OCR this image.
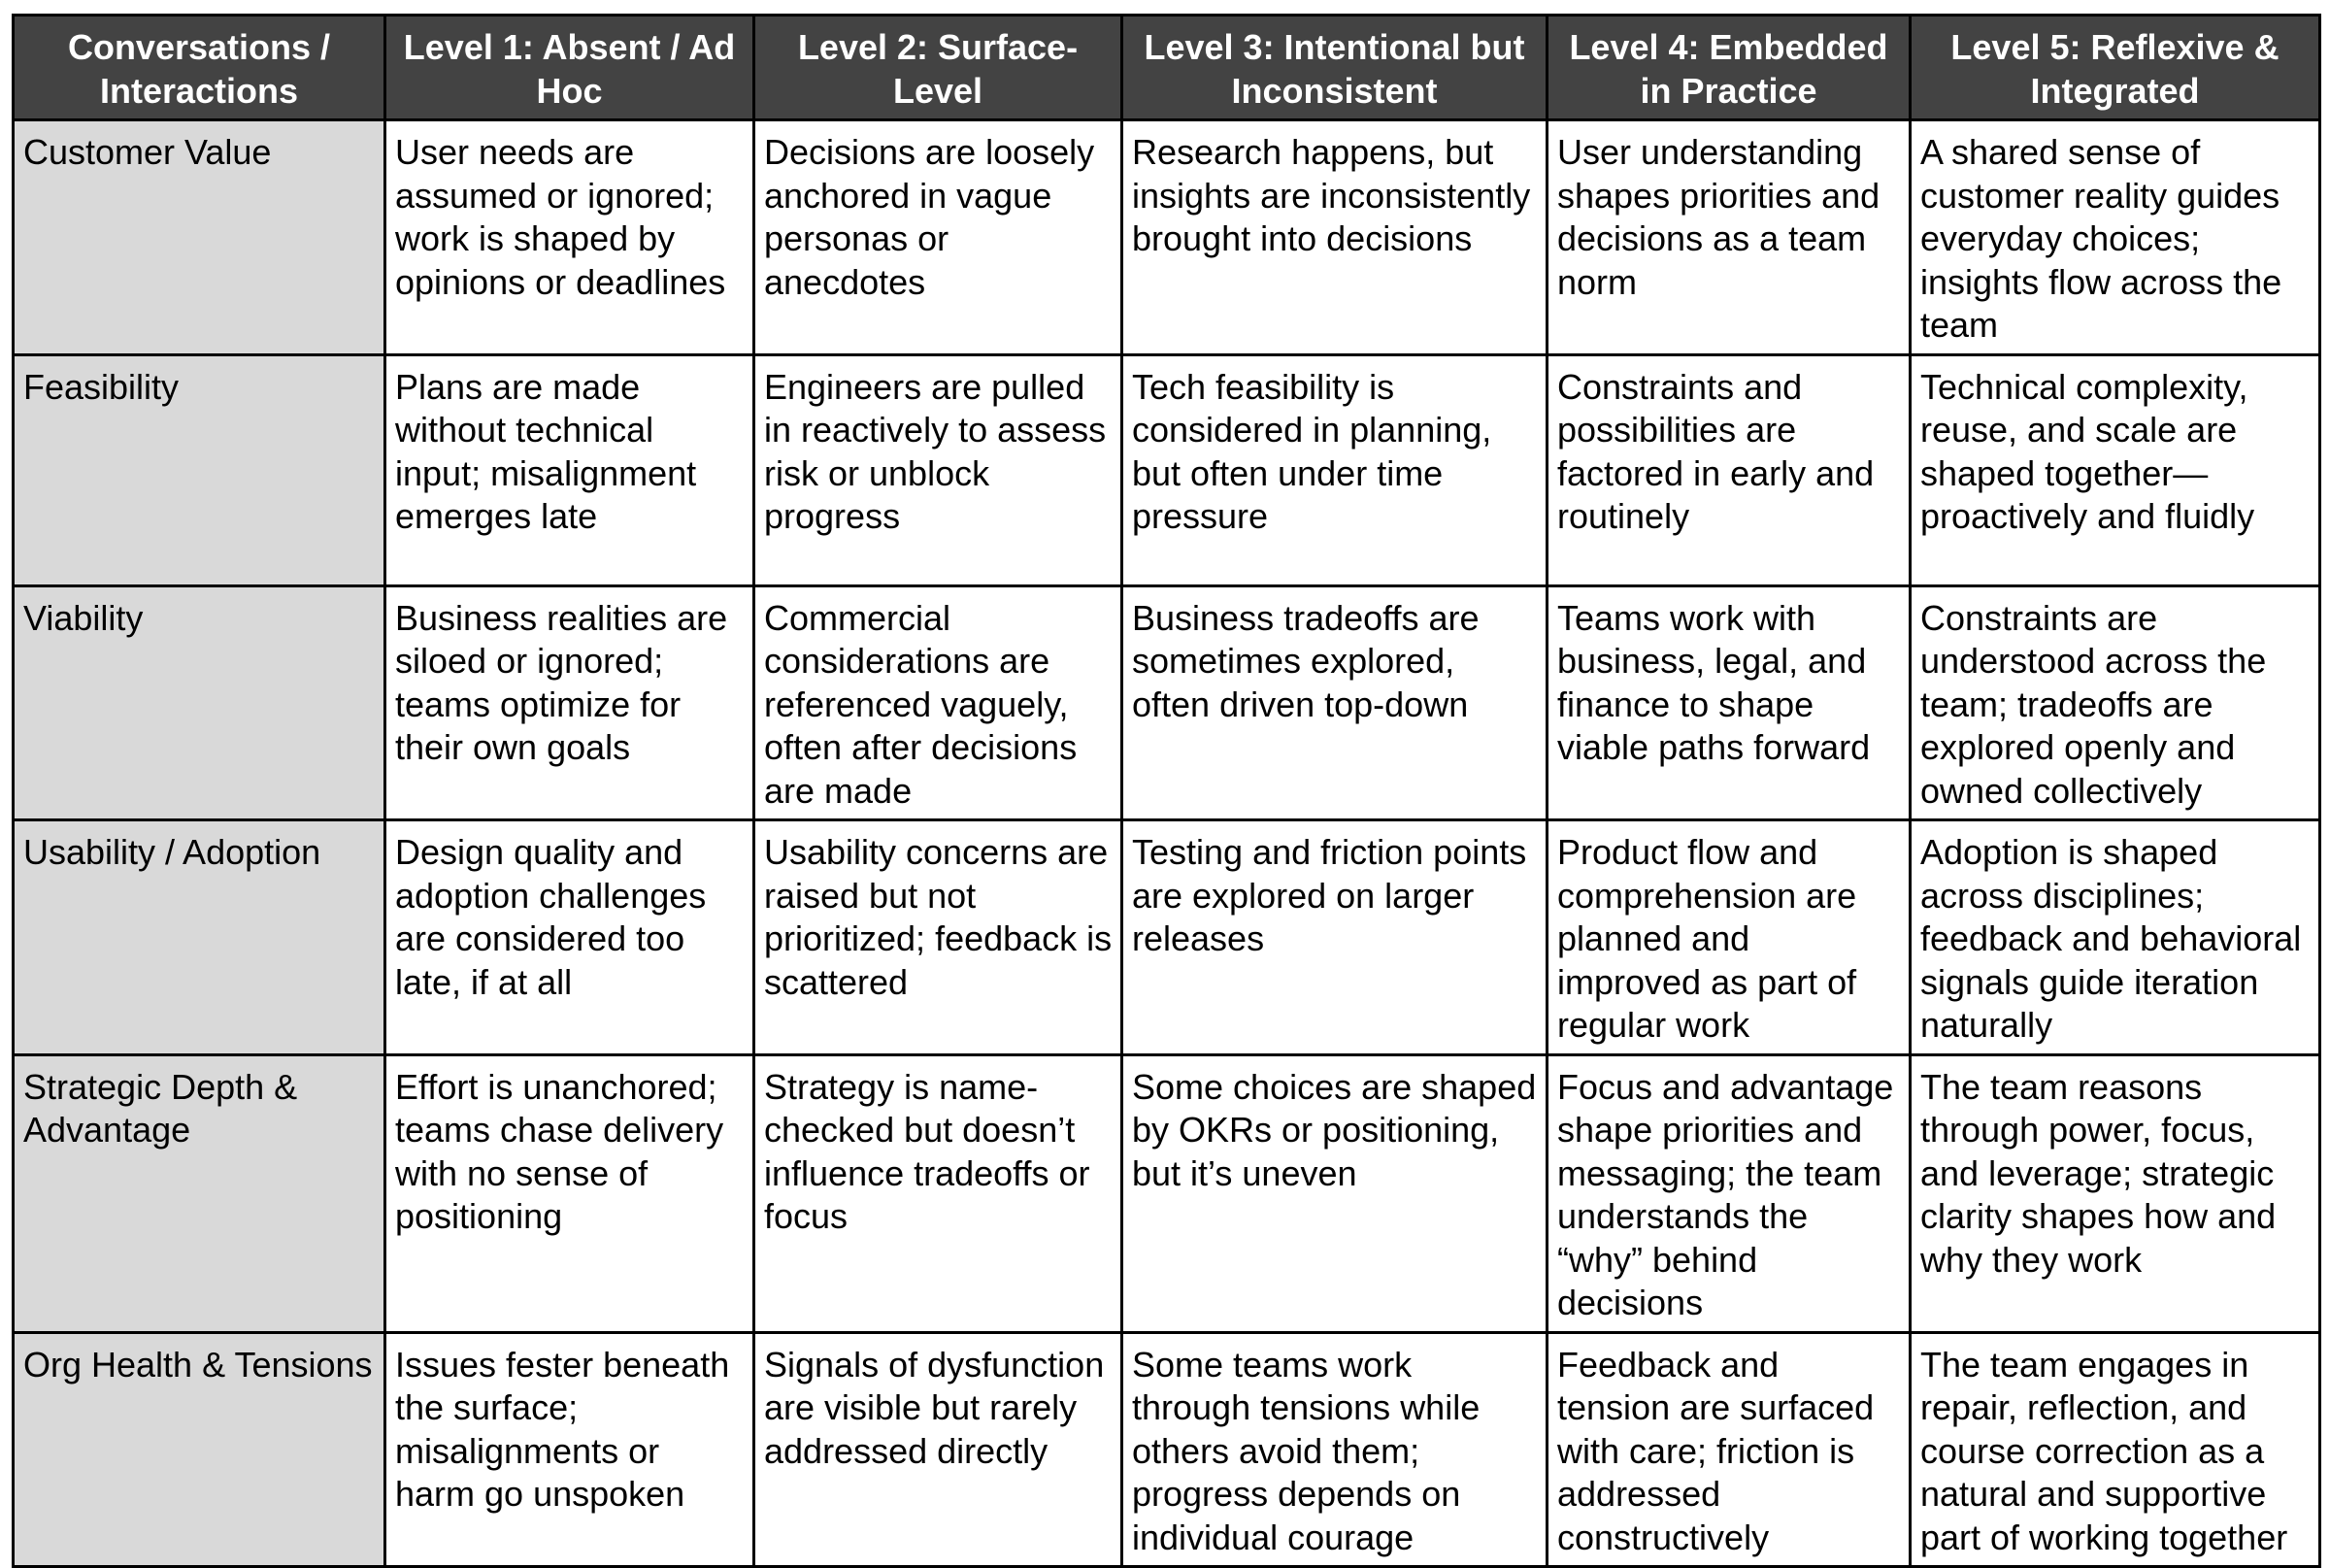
Conversations / Interactions	Level 1: Absent / Ad Hoc	Level 2: Surface-Level	Level 3: Intentional but Inconsistent	Level 4: Embedded in Practice	Level 5: Reflexive & Integrated
Customer Value	User needs are assumed or ignored; work is shaped by opinions or deadlines	Decisions are loosely anchored in vague personas or anecdotes	Research happens, but insights are inconsistently brought into decisions	User understanding shapes priorities and decisions as a team norm	A shared sense of customer reality guides everyday choices; insights flow across the team
Feasibility	Plans are made without technical input; misalignment emerges late	Engineers are pulled in reactively to assess risk or unblock progress	Tech feasibility is considered in planning, but often under time pressure	Constraints and possibilities are factored in early and routinely	Technical complexity, reuse, and scale are shaped together—proactively and fluidly
Viability	Business realities are siloed or ignored; teams optimize for their own goals	Commercial considerations are referenced vaguely, often after decisions are made	Business tradeoffs are sometimes explored, often driven top-down	Teams work with business, legal, and finance to shape viable paths forward	Constraints are understood across the team; tradeoffs are explored openly and owned collectively
Usability / Adoption	Design quality and adoption challenges are considered too late, if at all	Usability concerns are raised but not prioritized; feedback is scattered	Testing and friction points are explored on larger releases	Product flow and comprehension are planned and improved as part of regular work	Adoption is shaped across disciplines; feedback and behavioral signals guide iteration naturally
Strategic Depth & Advantage	Effort is unanchored; teams chase delivery with no sense of positioning	Strategy is name-checked but doesn’t influence tradeoffs or focus	Some choices are shaped by OKRs or positioning, but it’s uneven	Focus and advantage shape priorities and messaging; the team understands the “why” behind decisions	The team reasons through power, focus, and leverage; strategic clarity shapes how and why they work
Org Health & Tensions	Issues fester beneath the surface; misalignments or harm go unspoken	Signals of dysfunction are visible but rarely addressed directly	Some teams work through tensions while others avoid them; progress depends on individual courage	Feedback and tension are surfaced with care; friction is addressed constructively	The team engages in repair, reflection, and course correction as a natural and supportive part of working together
